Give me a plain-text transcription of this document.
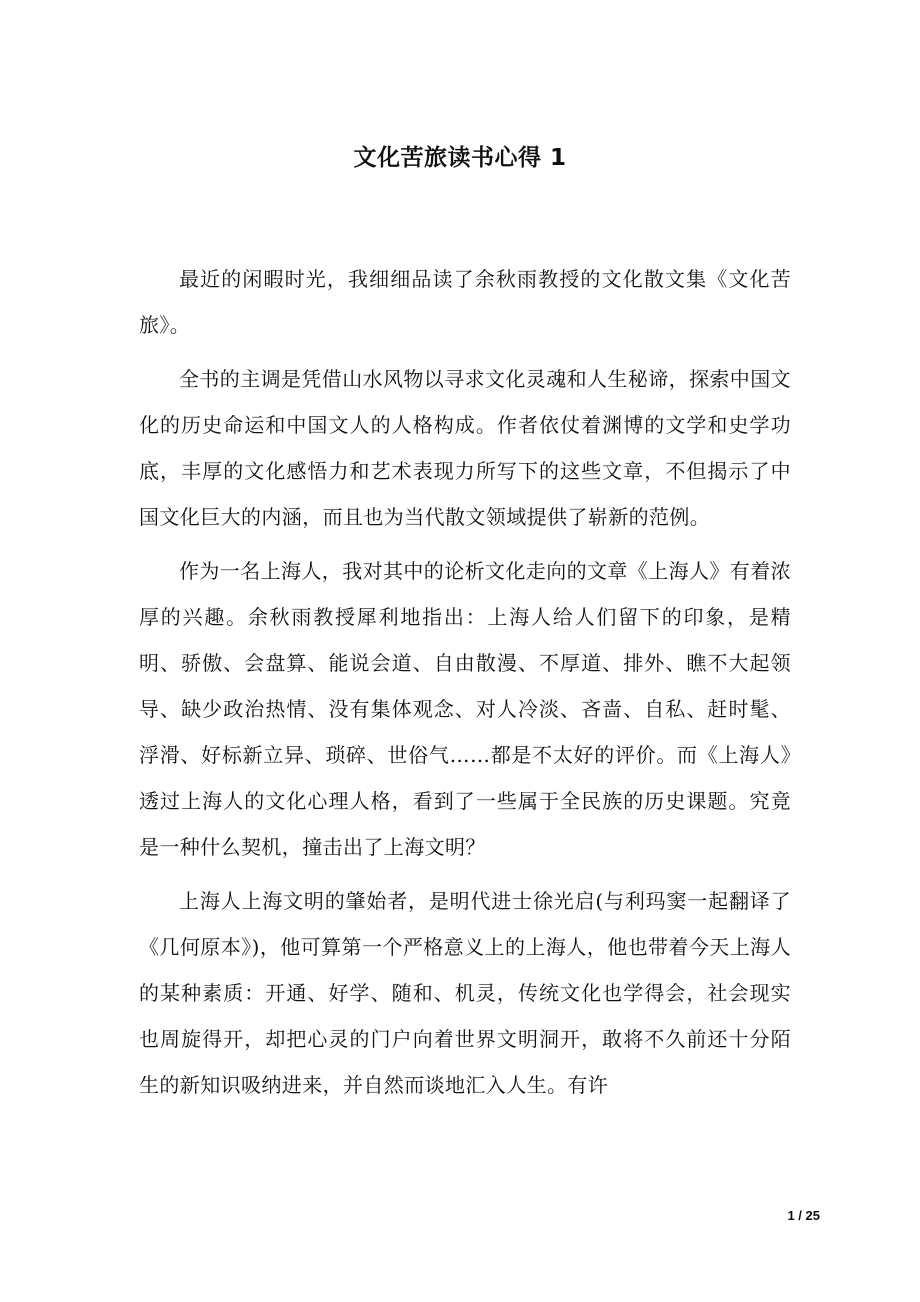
文化苦旅读书心得 1

最近的闲暇时光，我细细品读了余秋雨教授的文化散文集《文化苦旅》。

全书的主调是凭借山水风物以寻求文化灵魂和人生秘谛，探索中国文化的历史命运和中国文人的人格构成。作者依仗着渊博的文学和史学功底，丰厚的文化感悟力和艺术表现力所写下的这些文章，不但揭示了中国文化巨大的内涵，而且也为当代散文领域提供了崭新的范例。

作为一名上海人，我对其中的论析文化走向的文章《上海人》有着浓厚的兴趣。余秋雨教授犀利地指出：上海人给人们留下的印象，是精明、骄傲、会盘算、能说会道、自由散漫、不厚道、排外、瞧不大起领导、缺少政治热情、没有集体观念、对人冷淡、吝啬、自私、赶时髦、浮滑、好标新立异、琐碎、世俗气……都是不太好的评价。而《上海人》透过上海人的文化心理人格，看到了一些属于全民族的历史课题。究竟是一种什么契机，撞击出了上海文明？

上海人上海文明的肇始者，是明代进士徐光启(与利玛窦一起翻译了《几何原本》)，他可算第一个严格意义上的上海人，他也带着今天上海人的某种素质：开通、好学、随和、机灵，传统文化也学得会，社会现实也周旋得开，却把心灵的门户向着世界文明洞开，敢将不久前还十分陌生的新知识吸纳进来，并自然而谈地汇入人生。有许

1 / 25
